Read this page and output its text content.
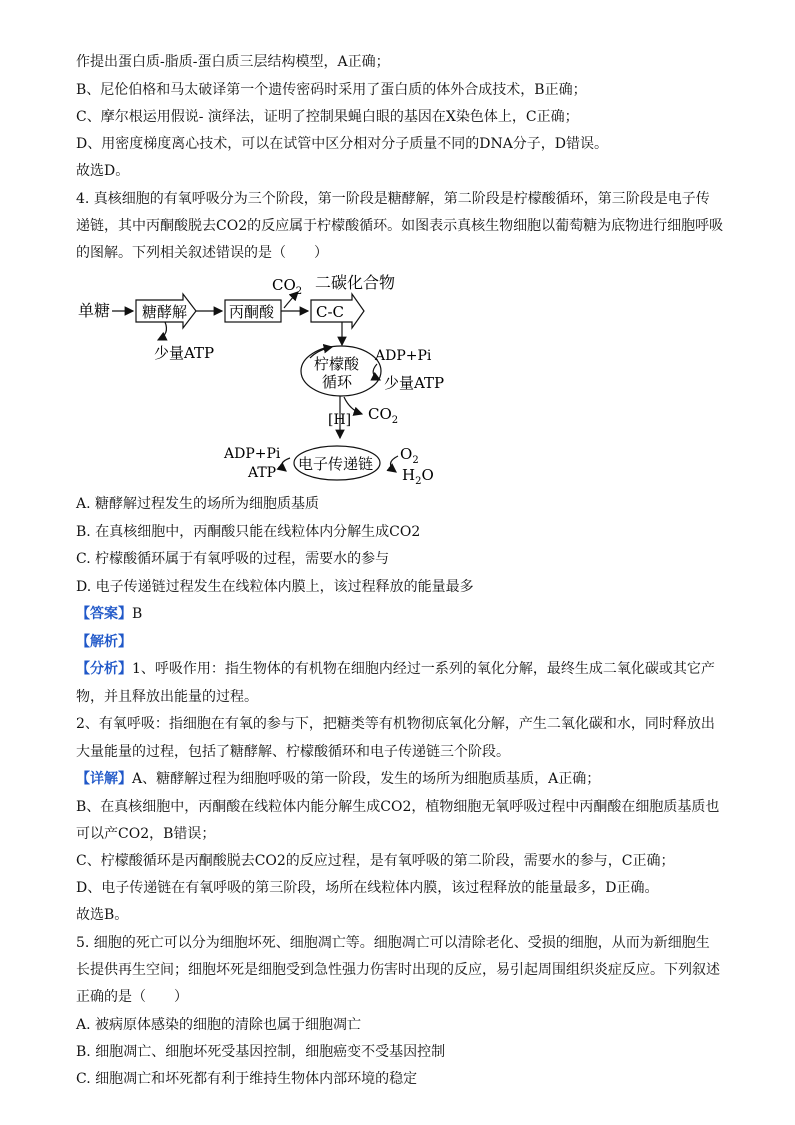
作提出蛋白质-脂质-蛋白质三层结构模型，A正确；
B、尼伦伯格和马太破译第一个遗传密码时采用了蛋白质的体外合成技术，B正确；
C、摩尔根运用假说- 演绎法，证明了控制果蝇白眼的基因在X染色体上，C正确；
D、用密度梯度离心技术，可以在试管中区分相对分子质量不同的DNA分子，D错误。
故选D。
4. 真核细胞的有氧呼吸分为三个阶段，第一阶段是糖酵解，第二阶段是柠檬酸循环，第三阶段是电子传
递链，其中丙酮酸脱去CO2的反应属于柠檬酸循环。如图表示真核生物细胞以葡萄糖为底物进行细胞呼吸
的图解。下列相关叙述错误的是（　　）
单糖 糖酵解	丙酮酸	C-C
$CO_2$ 二碳化合物
少量ATP
柠檬酸
循环
ADP+Pi
少量ATP
$CO_2$
[H]
电子传递链
ADP+Pi
ATP
$O_2$
$H_2O$
A. 糖酵解过程发生的场所为细胞质基质
B. 在真核细胞中，丙酮酸只能在线粒体内分解生成CO2
C. 柠檬酸循环属于有氧呼吸的过程，需要水的参与
D. 电子传递链过程发生在线粒体内膜上，该过程释放的能量最多
【答案】B
【解析】
【分析】1、呼吸作用：指生物体的有机物在细胞内经过一系列的氧化分解，最终生成二氧化碳或其它产
物，并且释放出能量的过程。
2、有氧呼吸：指细胞在有氧的参与下，把糖类等有机物彻底氧化分解，产生二氧化碳和水，同时释放出
大量能量的过程，包括了糖酵解、柠檬酸循环和电子传递链三个阶段。
【详解】A、糖酵解过程为细胞呼吸的第一阶段，发生的场所为细胞质基质，A正确；
B、在真核细胞中，丙酮酸在线粒体内能分解生成CO2，植物细胞无氧呼吸过程中丙酮酸在细胞质基质也
可以产CO2，B错误；
C、柠檬酸循环是丙酮酸脱去CO2的反应过程，是有氧呼吸的第二阶段，需要水的参与，C正确；
D、电子传递链在有氧呼吸的第三阶段，场所在线粒体内膜，该过程释放的能量最多，D正确。
故选B。
5. 细胞的死亡可以分为细胞坏死、细胞凋亡等。细胞凋亡可以清除老化、受损的细胞，从而为新细胞生
长提供再生空间；细胞坏死是细胞受到急性强力伤害时出现的反应，易引起周围组织炎症反应。下列叙述
正确的是（　　）
A. 被病原体感染的细胞的清除也属于细胞凋亡
B. 细胞凋亡、细胞坏死受基因控制，细胞癌变不受基因控制
C. 细胞凋亡和坏死都有利于维持生物体内部环境的稳定
